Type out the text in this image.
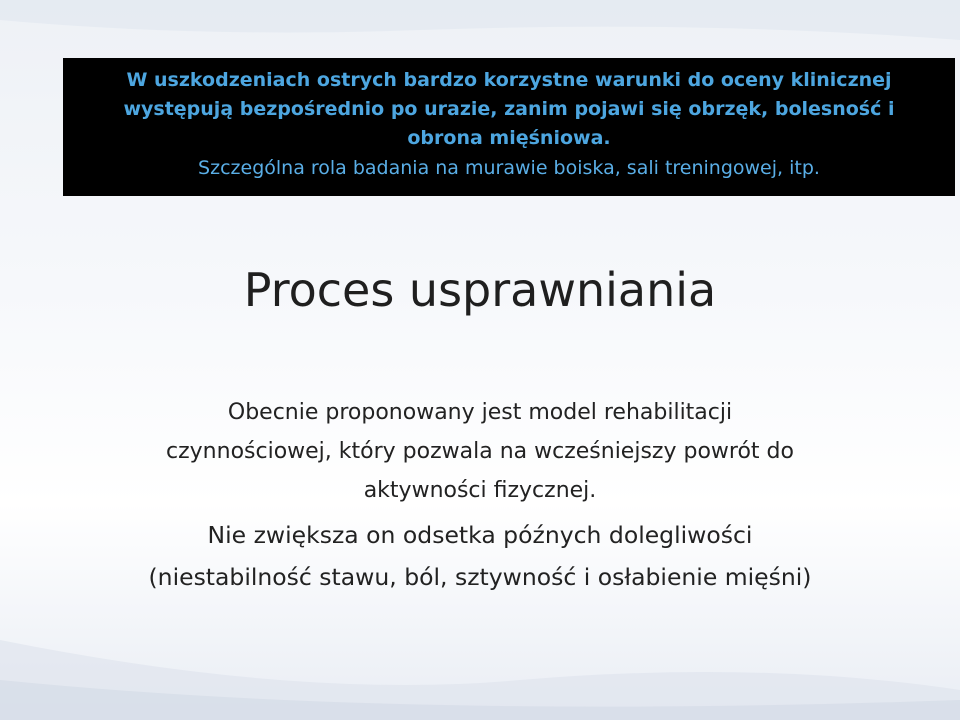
W uszkodzeniach ostrych bardzo korzystne warunki do oceny klinicznej
występują bezpośrednio po urazie, zanim pojawi się obrzęk, bolesność i
obrona mięśniowa.
Szczególna rola badania na murawie boiska, sali treningowej, itp.
Proces usprawniania
Obecnie proponowany jest model rehabilitacji
czynnościowej, który pozwala na wcześniejszy powrót do
aktywności fizycznej.
Nie zwiększa on odsetka późnych dolegliwości
(niestabilność stawu, ból, sztywność i osłabienie mięśni)
